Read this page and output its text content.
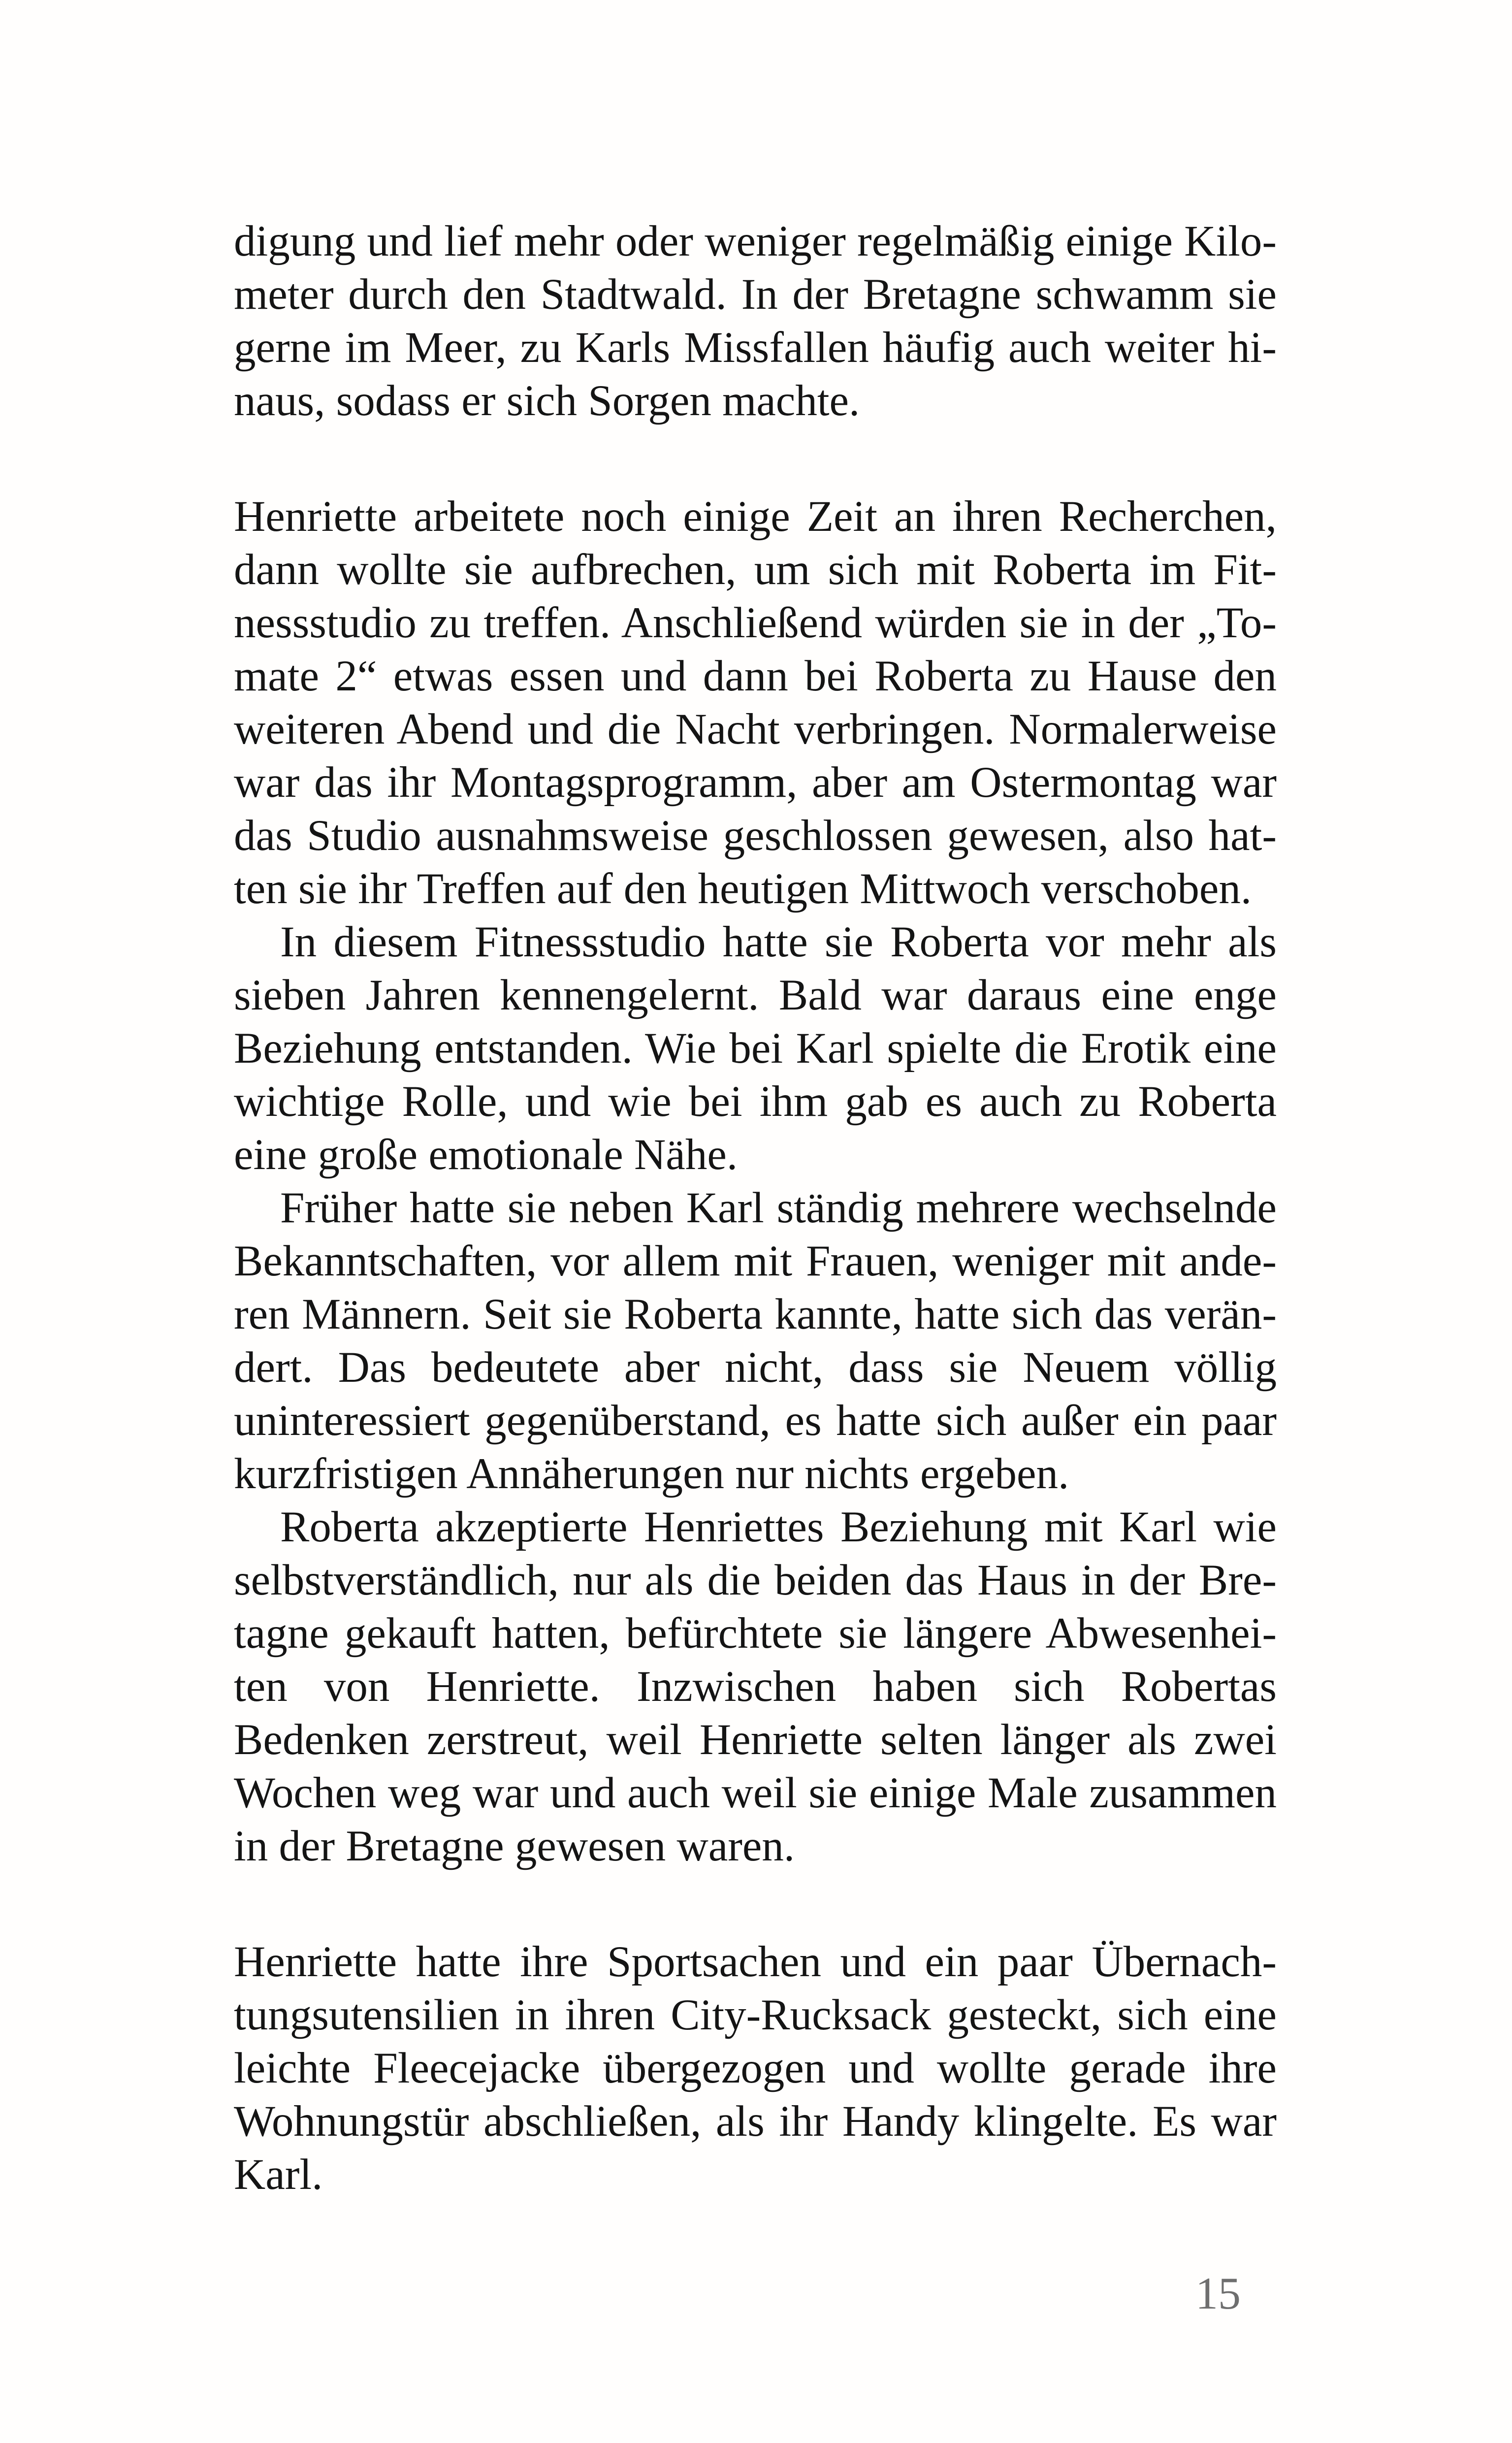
digung und lief mehr oder weniger regelmäßig einige Kilo-
meter durch den Stadtwald. In der Bretagne schwamm sie
gerne im Meer, zu Karls Missfallen häufig auch weiter hi-
naus, sodass er sich Sorgen machte.
Henriette arbeitete noch einige Zeit an ihren Recherchen,
dann wollte sie aufbrechen, um sich mit Roberta im Fit-
nessstudio zu treffen. Anschließend würden sie in der „To-
mate 2“ etwas essen und dann bei Roberta zu Hause den
weiteren Abend und die Nacht verbringen. Normalerweise
war das ihr Montagsprogramm, aber am Ostermontag war
das Studio ausnahmsweise geschlossen gewesen, also hat-
ten sie ihr Treffen auf den heutigen Mittwoch verschoben.
In diesem Fitnessstudio hatte sie Roberta vor mehr als
sieben Jahren kennengelernt. Bald war daraus eine enge
Beziehung entstanden. Wie bei Karl spielte die Erotik eine
wichtige Rolle, und wie bei ihm gab es auch zu Roberta
eine große emotionale Nähe.
Früher hatte sie neben Karl ständig mehrere wechselnde
Bekanntschaften, vor allem mit Frauen, weniger mit ande-
ren Männern. Seit sie Roberta kannte, hatte sich das verän-
dert. Das bedeutete aber nicht, dass sie Neuem völlig
uninteressiert gegenüberstand, es hatte sich außer ein paar
kurzfristigen Annäherungen nur nichts ergeben.
Roberta akzeptierte Henriettes Beziehung mit Karl wie
selbstverständlich, nur als die beiden das Haus in der Bre-
tagne gekauft hatten, befürchtete sie längere Abwesenhei-
ten von Henriette. Inzwischen haben sich Robertas
Bedenken zerstreut, weil Henriette selten länger als zwei
Wochen weg war und auch weil sie einige Male zusammen
in der Bretagne gewesen waren.
Henriette hatte ihre Sportsachen und ein paar Übernach-
tungsutensilien in ihren City-Rucksack gesteckt, sich eine
leichte Fleecejacke übergezogen und wollte gerade ihre
Wohnungstür abschließen, als ihr Handy klingelte. Es war
Karl.
15
